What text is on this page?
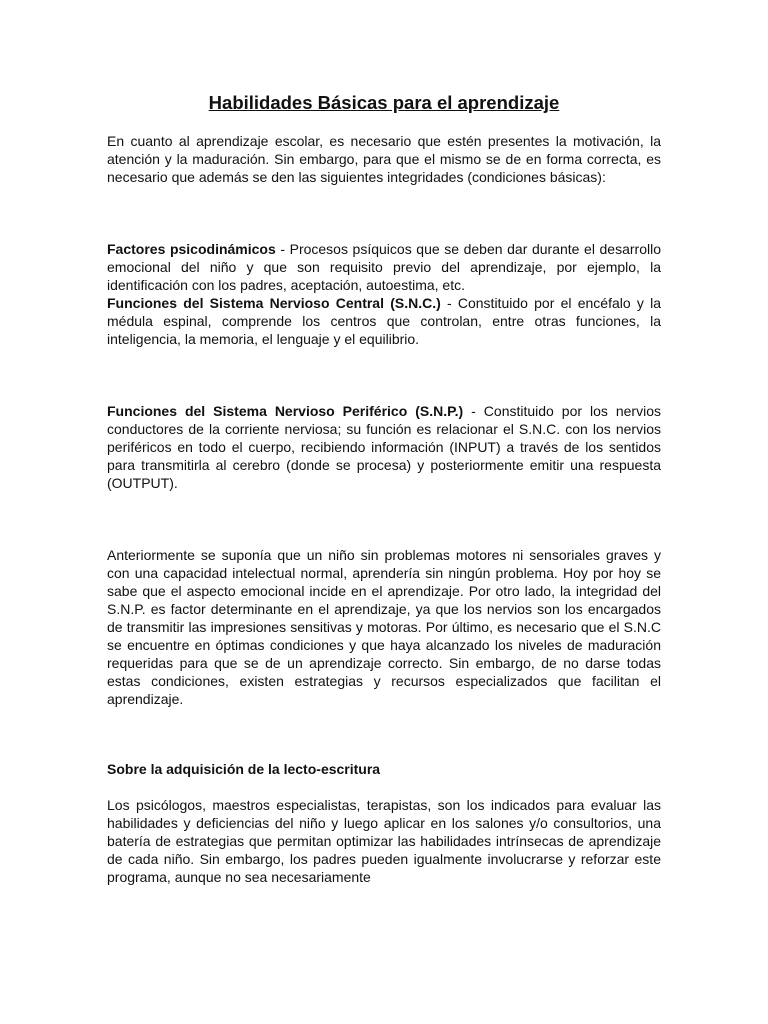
Habilidades Básicas para el aprendizaje

En cuanto al aprendizaje escolar, es necesario que estén presentes la motivación, la atención y la maduración. Sin embargo, para que el mismo se de en forma correcta, es necesario que además se den las siguientes integridades (condiciones básicas):

Factores psicodinámicos - Procesos psíquicos que se deben dar durante el desarrollo emocional del niño y que son requisito previo del aprendizaje, por ejemplo, la identificación con los padres, aceptación, autoestima, etc.

Funciones del Sistema Nervioso Central (S.N.C.) - Constituido por el encéfalo y la médula espinal, comprende los centros que controlan, entre otras funciones, la inteligencia, la memoria, el lenguaje y el equilibrio.

Funciones del Sistema Nervioso Periférico (S.N.P.) - Constituido por los nervios conductores de la corriente nerviosa; su función es relacionar el S.N.C. con los nervios periféricos en todo el cuerpo, recibiendo información (INPUT) a través de los sentidos para transmitirla al cerebro (donde se procesa) y posteriormente emitir una respuesta (OUTPUT).

Anteriormente se suponía que un niño sin problemas motores ni sensoriales graves y con una capacidad intelectual normal, aprendería sin ningún problema. Hoy por hoy se sabe que el aspecto emocional incide en el aprendizaje. Por otro lado, la integridad del S.N.P. es factor determinante en el aprendizaje, ya que los nervios son los encargados de transmitir las impresiones sensitivas y motoras. Por último, es necesario que el S.N.C se encuentre en óptimas condiciones y que haya alcanzado los niveles de maduración requeridas para que se de un aprendizaje correcto. Sin embargo, de no darse todas estas condiciones, existen estrategias y recursos especializados que facilitan el aprendizaje.

Sobre la adquisición de la lecto-escritura

Los psicólogos, maestros especialistas, terapistas, son los indicados para evaluar las habilidades y deficiencias del niño y luego aplicar en los salones y/o consultorios, una batería de estrategias que permitan optimizar las habilidades intrínsecas de aprendizaje de cada niño. Sin embargo, los padres pueden igualmente involucrarse y reforzar este programa, aunque no sea necesariamente
